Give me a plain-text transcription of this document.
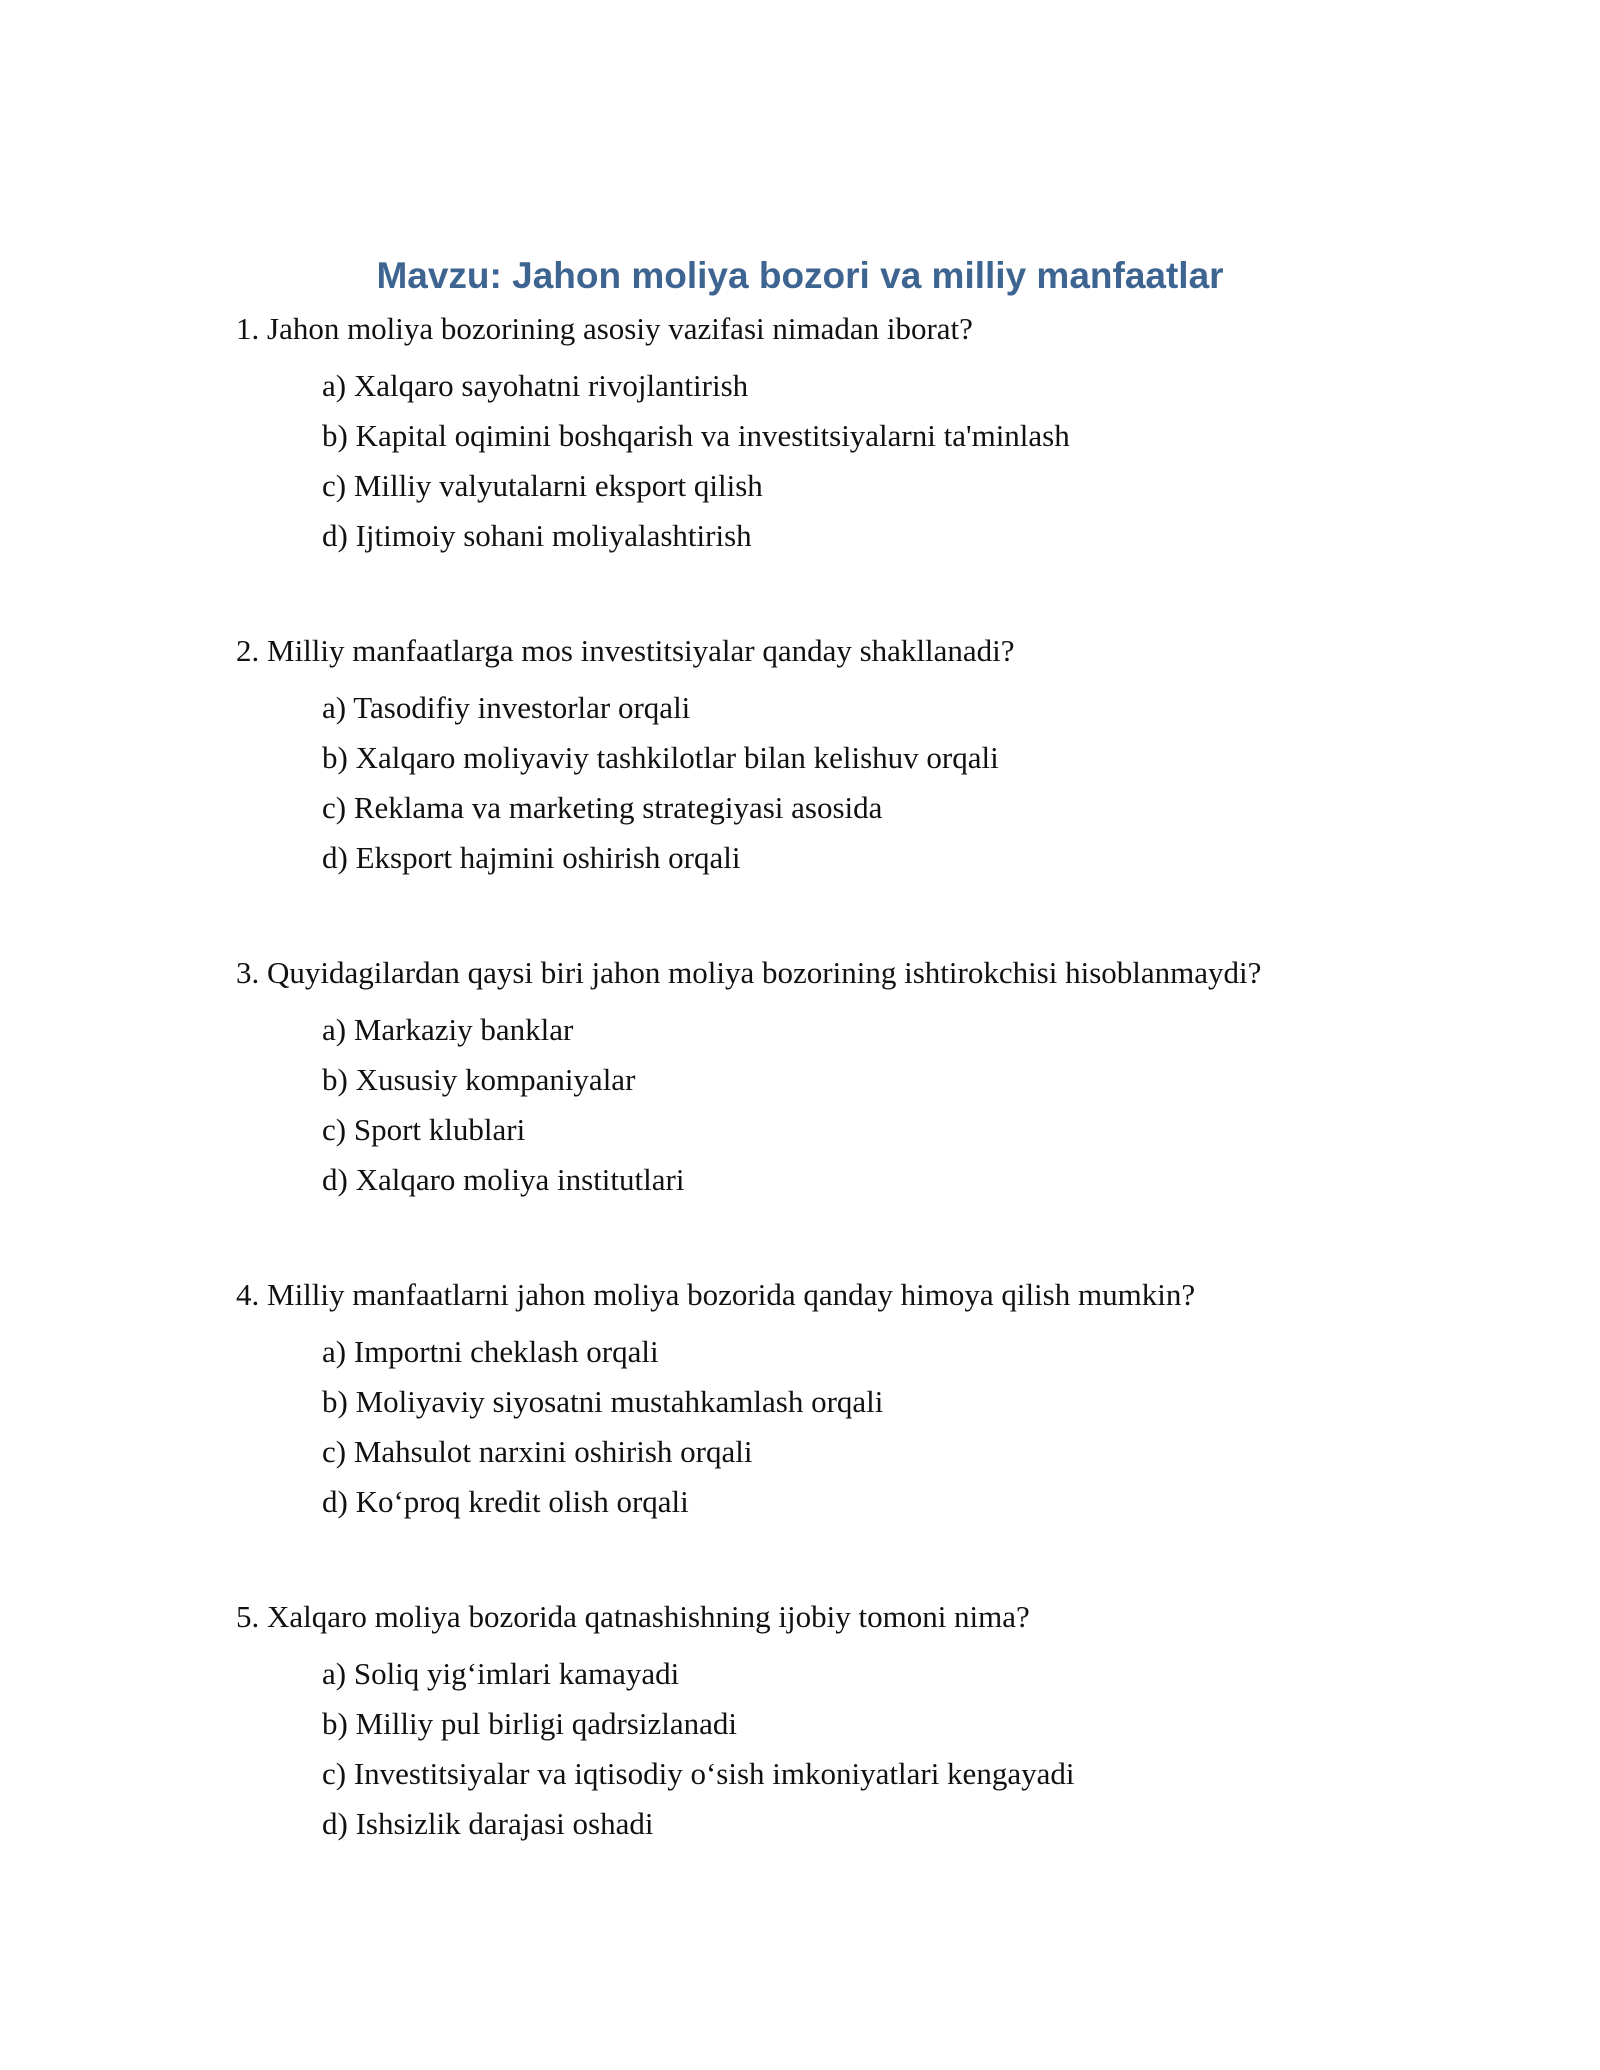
Mavzu: Jahon moliya bozori va milliy manfaatlar

1. Jahon moliya bozorining asosiy vazifasi nimadan iborat?

a) Xalqaro sayohatni rivojlantirish
b) Kapital oqimini boshqarish va investitsiyalarni ta'minlash
c) Milliy valyutalarni eksport qilish
d) Ijtimoiy sohani moliyalashtirish

2. Milliy manfaatlarga mos investitsiyalar qanday shakllanadi?

a) Tasodifiy investorlar orqali
b) Xalqaro moliyaviy tashkilotlar bilan kelishuv orqali
c) Reklama va marketing strategiyasi asosida
d) Eksport hajmini oshirish orqali

3. Quyidagilardan qaysi biri jahon moliya bozorining ishtirokchisi hisoblanmaydi?

a) Markaziy banklar
b) Xususiy kompaniyalar
c) Sport klublari
d) Xalqaro moliya institutlari

4. Milliy manfaatlarni jahon moliya bozorida qanday himoya qilish mumkin?

a) Importni cheklash orqali
b) Moliyaviy siyosatni mustahkamlash orqali
c) Mahsulot narxini oshirish orqali
d) Ko‘proq kredit olish orqali

5. Xalqaro moliya bozorida qatnashishning ijobiy tomoni nima?

a) Soliq yig‘imlari kamayadi
b) Milliy pul birligi qadrsizlanadi
c) Investitsiyalar va iqtisodiy o‘sish imkoniyatlari kengayadi
d) Ishsizlik darajasi oshadi
